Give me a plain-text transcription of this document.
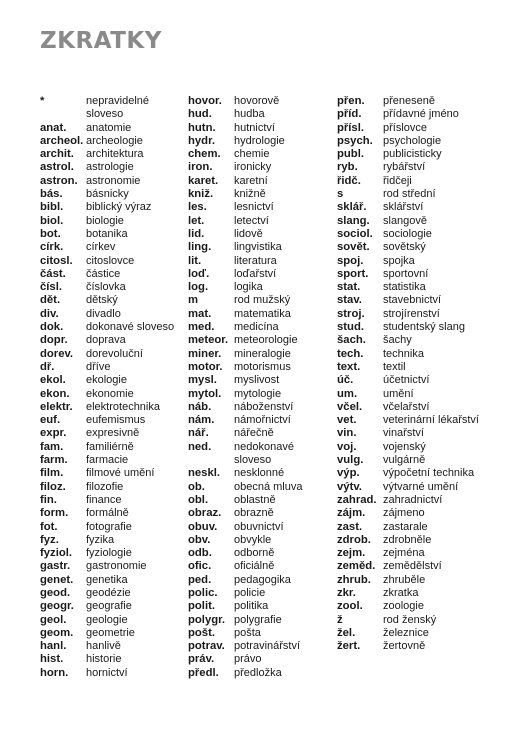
ZKRATKY
*	nepravidelné sloveso
anat.	anatomie
archeol. archeologie
archit.	architektura
astrol.	astrologie
astron. astronomie
bás.	básnicky
bibl.	biblický výraz
biol.	biologie
bot.	botanika
círk.	církev
citosl.	citoslovce
část.	částice
čísl.	číslovka
dět.	dětský
div.	divadlo
dok.	dokonavé sloveso
dopr.	doprava
dorev.	dorevoluční
dř.	dříve
ekol.	ekologie
ekon.	ekonomie
elektr.	elektrotechnika
euf.	eufemismus
expr.	expresivně
fam.	familiérně
farm.	farmacie
film.	filmové umění
filoz.	filozofie
fin.	finance
form.	formálně
fot.	fotografie
fyz.	fyzika
fyziol.	fyziologie
gastr.	gastronomie
genet.	genetika
geod.	geodézie
geogr.	geografie
geol.	geologie
geom.	geometrie
hanl.	hanlivě
hist.	historie
horn.	hornictví
hovor.	hovorově
hud.	hudba
hutn.	hutnictví
hydr.	hydrologie
chem.	chemie
iron.	ironicky
karet.	karetní
kniž.	knižně
les.	lesnictví
let.	letectví
lid.	lidově
ling.	lingvistika
lit.	literatura
loď.	loďařství
log.	logika
m	rod mužský
mat.	matematika
med.	medicína
meteor. meteorologie
miner.	mineralogie
motor.	motorismus
mysl.	myslivost
mytol.	mytologie
náb.	náboženství
nám.	námořnictví
nář.	nářečně
ned.	nedokonavé sloveso
neskl.	nesklonné
ob.	obecná mluva
obl.	oblastně
obraz.	obrazně
obuv.	obuvnictví
obv.	obvykle
odb.	odborně
ofic.	oficiálně
ped.	pedagogika
polic.	policie
polit.	politika
polygr. polygrafie
pošt.	pošta
potrav. potravinářství
práv.	právo
předl.	předložka
přen.	přeneseně
příd.	přídavné jméno
přísl.	příslovce
psych. psychologie
publ.	publicisticky
ryb.	rybářství
řidč.	řidčeji
s	rod střední
sklář.	sklářství
slang.	slangově
sociol. sociologie
sovět.	sovětský
spoj.	spojka
sport.	sportovní
stat.	statistika
stav.	stavebnictví
stroj.	strojírenství
stud.	studentský slang
šach.	šachy
tech.	technika
text.	textil
úč.	účetnictví
um.	umění
včel.	včelařství
vet.	veterinární lékařství
vin.	vinařství
voj.	vojenský
vulg.	vulgárně
výp.	výpočetní technika
výtv.	výtvarné umění
zahrad. zahradnictví
zájm.	zájmeno
zast.	zastarale
zdrob.	zdrobněle
zejm.	zejména
zeměd. zemědělství
zhrub.	zhruběle
zkr.	zkratka
zool.	zoologie
ž	rod ženský
žel.	železnice
žert.	žertovně
